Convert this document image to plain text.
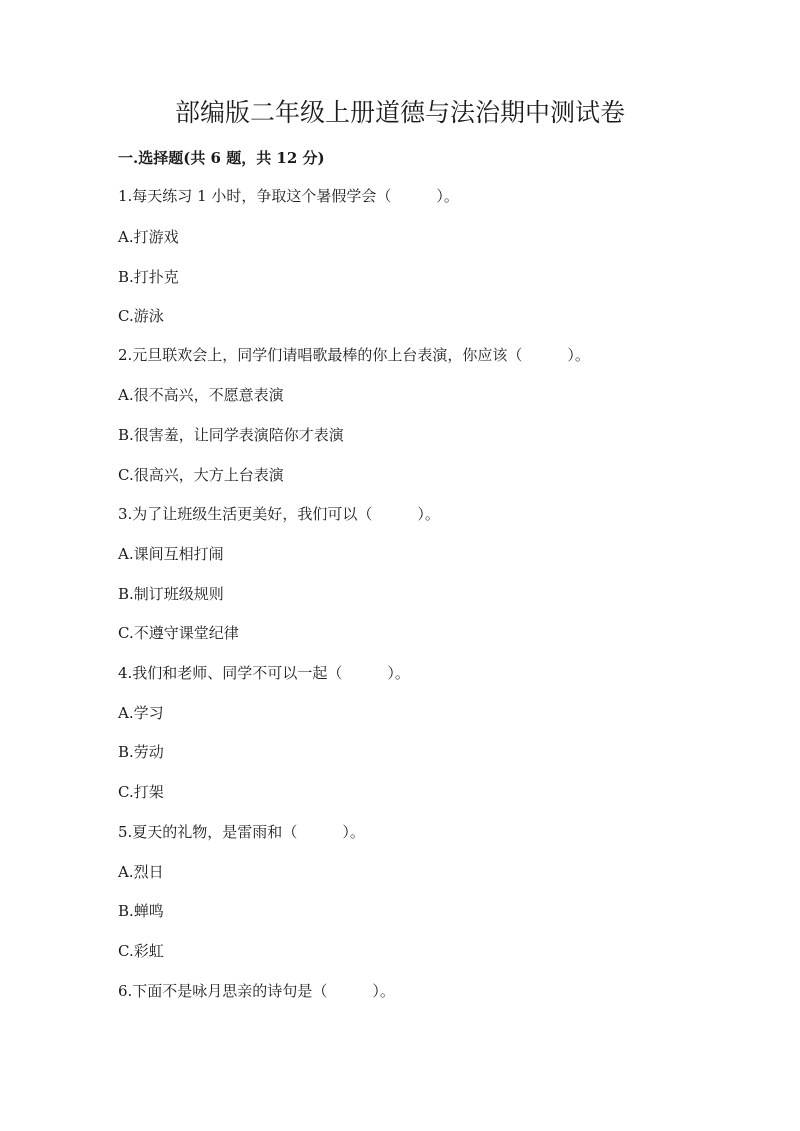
部编版二年级上册道德与法治期中测试卷
一.选择题(共 6 题，共 12 分)
1.每天练习 1 小时，争取这个暑假学会（　　　）。
A.打游戏
B.打扑克
C.游泳
2.元旦联欢会上，同学们请唱歌最棒的你上台表演，你应该（　　　）。
A.很不高兴，不愿意表演
B.很害羞，让同学表演陪你才表演
C.很高兴，大方上台表演
3.为了让班级生活更美好，我们可以（　　　）。
A.课间互相打闹
B.制订班级规则
C.不遵守课堂纪律
4.我们和老师、同学不可以一起（　　　）。
A.学习
B.劳动
C.打架
5.夏天的礼物，是雷雨和（　　　）。
A.烈日
B.蝉鸣
C.彩虹
6.下面不是咏月思亲的诗句是（　　　）。
